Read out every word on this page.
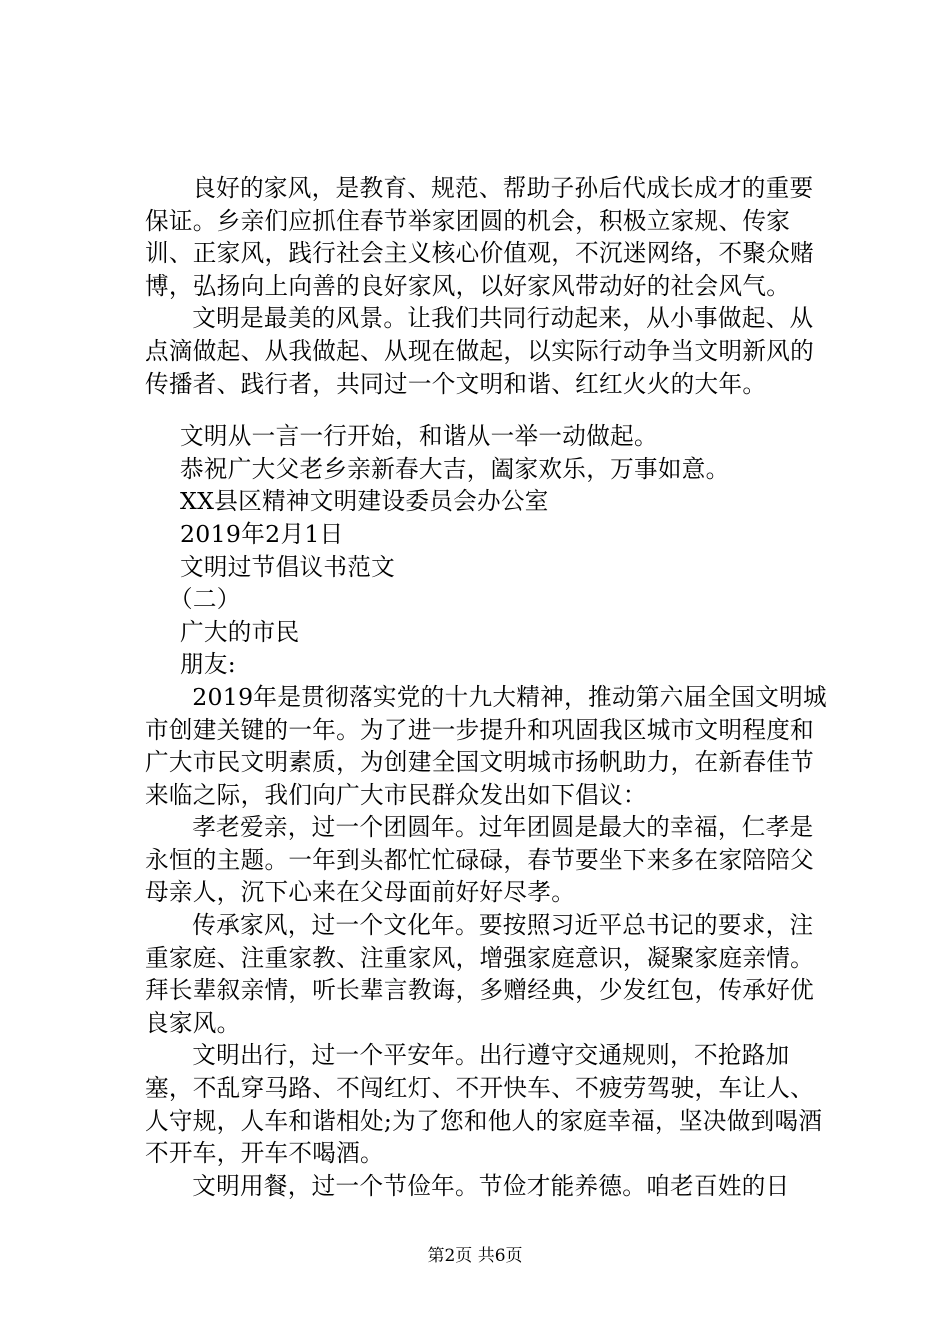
良好的家风，是教育、规范、帮助子孙后代成长成才的重要保证。乡亲们应抓住春节举家团圆的机会，积极立家规、传家训、正家风，践行社会主义核心价值观，不沉迷网络，不聚众赌博，弘扬向上向善的良好家风，以好家风带动好的社会风气。

文明是最美的风景。让我们共同行动起来，从小事做起、从点滴做起、从我做起、从现在做起，以实际行动争当文明新风的传播者、践行者，共同过一个文明和谐、红红火火的大年。

文明从一言一行开始，和谐从一举一动做起。

恭祝广大父老乡亲新春大吉，阖家欢乐，万事如意。

XX县区精神文明建设委员会办公室

2019年2月1日

文明过节倡议书范文

（二）

广大的市民

朋友:

2019年是贯彻落实党的十九大精神，推动第六届全国文明城市创建关键的一年。为了进一步提升和巩固我区城市文明程度和广大市民文明素质，为创建全国文明城市扬帆助力，在新春佳节来临之际，我们向广大市民群众发出如下倡议：

孝老爱亲，过一个团圆年。过年团圆是最大的幸福，仁孝是永恒的主题。一年到头都忙忙碌碌，春节要坐下来多在家陪陪父母亲人，沉下心来在父母面前好好尽孝。

传承家风，过一个文化年。要按照习近平总书记的要求，注重家庭、注重家教、注重家风，增强家庭意识，凝聚家庭亲情。拜长辈叙亲情，听长辈言教诲，多赠经典，少发红包，传承好优良家风。

文明出行，过一个平安年。出行遵守交通规则，不抢路加塞，不乱穿马路、不闯红灯、不开快车、不疲劳驾驶，车让人、人守规，人车和谐相处;为了您和他人的家庭幸福，坚决做到喝酒不开车，开车不喝酒。

文明用餐，过一个节俭年。节俭才能养德。咱老百姓的日

第2页 共6页
